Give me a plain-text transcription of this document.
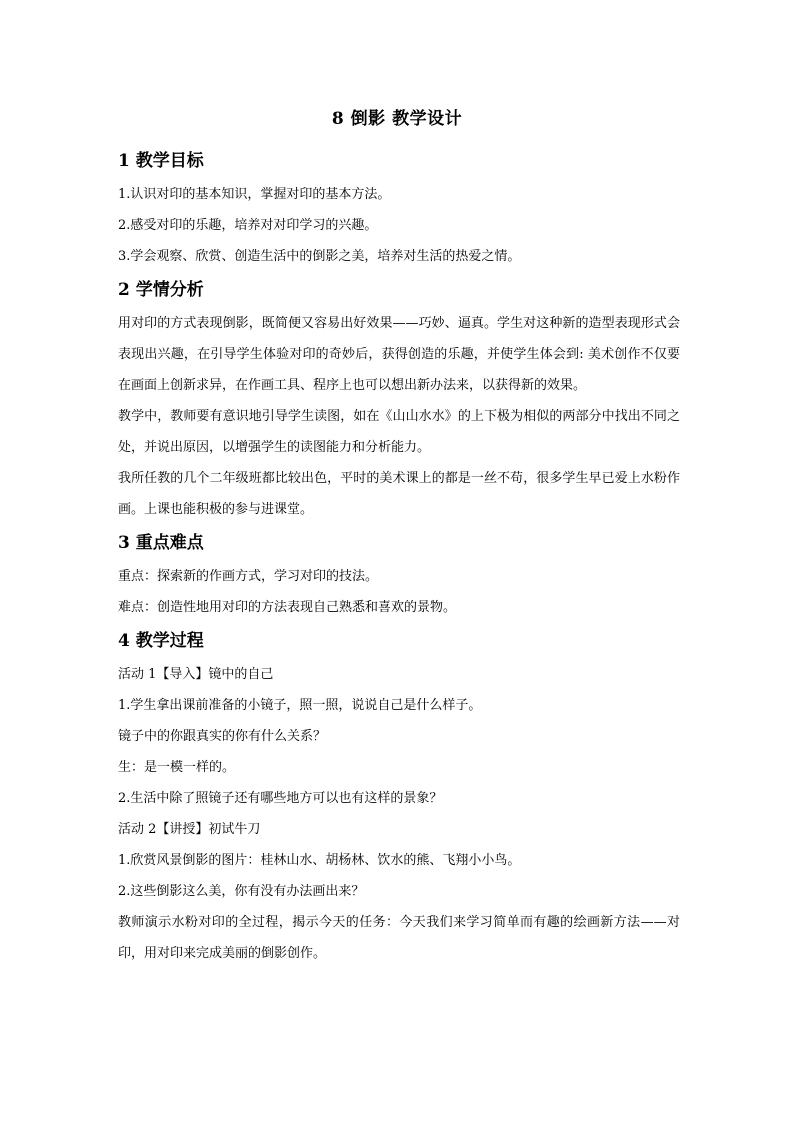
8 倒影 教学设计
1 教学目标

1.认识对印的基本知识，掌握对印的基本方法。

2.感受对印的乐趣，培养对对印学习的兴趣。

3.学会观察、欣赏、创造生活中的倒影之美，培养对生活的热爱之情。

2 学情分析

用对印的方式表现倒影，既简便又容易出好效果——巧妙、逼真。学生对这种新的造型表现形式会表现出兴趣，在引导学生体验对印的奇妙后，获得创造的乐趣，并使学生体会到: 美术创作不仅要在画面上创新求异，在作画工具、程序上也可以想出新办法来，以获得新的效果。

教学中，教师要有意识地引导学生读图，如在《山山水水》的上下极为相似的两部分中找出不同之处，并说出原因，以增强学生的读图能力和分析能力。

我所任教的几个二年级班都比较出色，平时的美术课上的都是一丝不苟，很多学生早已爱上水粉作画。上课也能积极的参与进课堂。

3 重点难点

重点：探索新的作画方式，学习对印的技法。

难点：创造性地用对印的方法表现自己熟悉和喜欢的景物。

4 教学过程

活动 1【导入】镜中的自己

1.学生拿出课前准备的小镜子，照一照，说说自己是什么样子。

镜子中的你跟真实的你有什么关系？

生：是一模一样的。

2.生活中除了照镜子还有哪些地方可以也有这样的景象？

活动 2【讲授】初试牛刀

1.欣赏风景倒影的图片：桂林山水、胡杨林、饮水的熊、飞翔小小鸟。

2.这些倒影这么美，你有没有办法画出来？

教师演示水粉对印的全过程，揭示今天的任务：今天我们来学习简单而有趣的绘画新方法——对印，用对印来完成美丽的倒影创作。
